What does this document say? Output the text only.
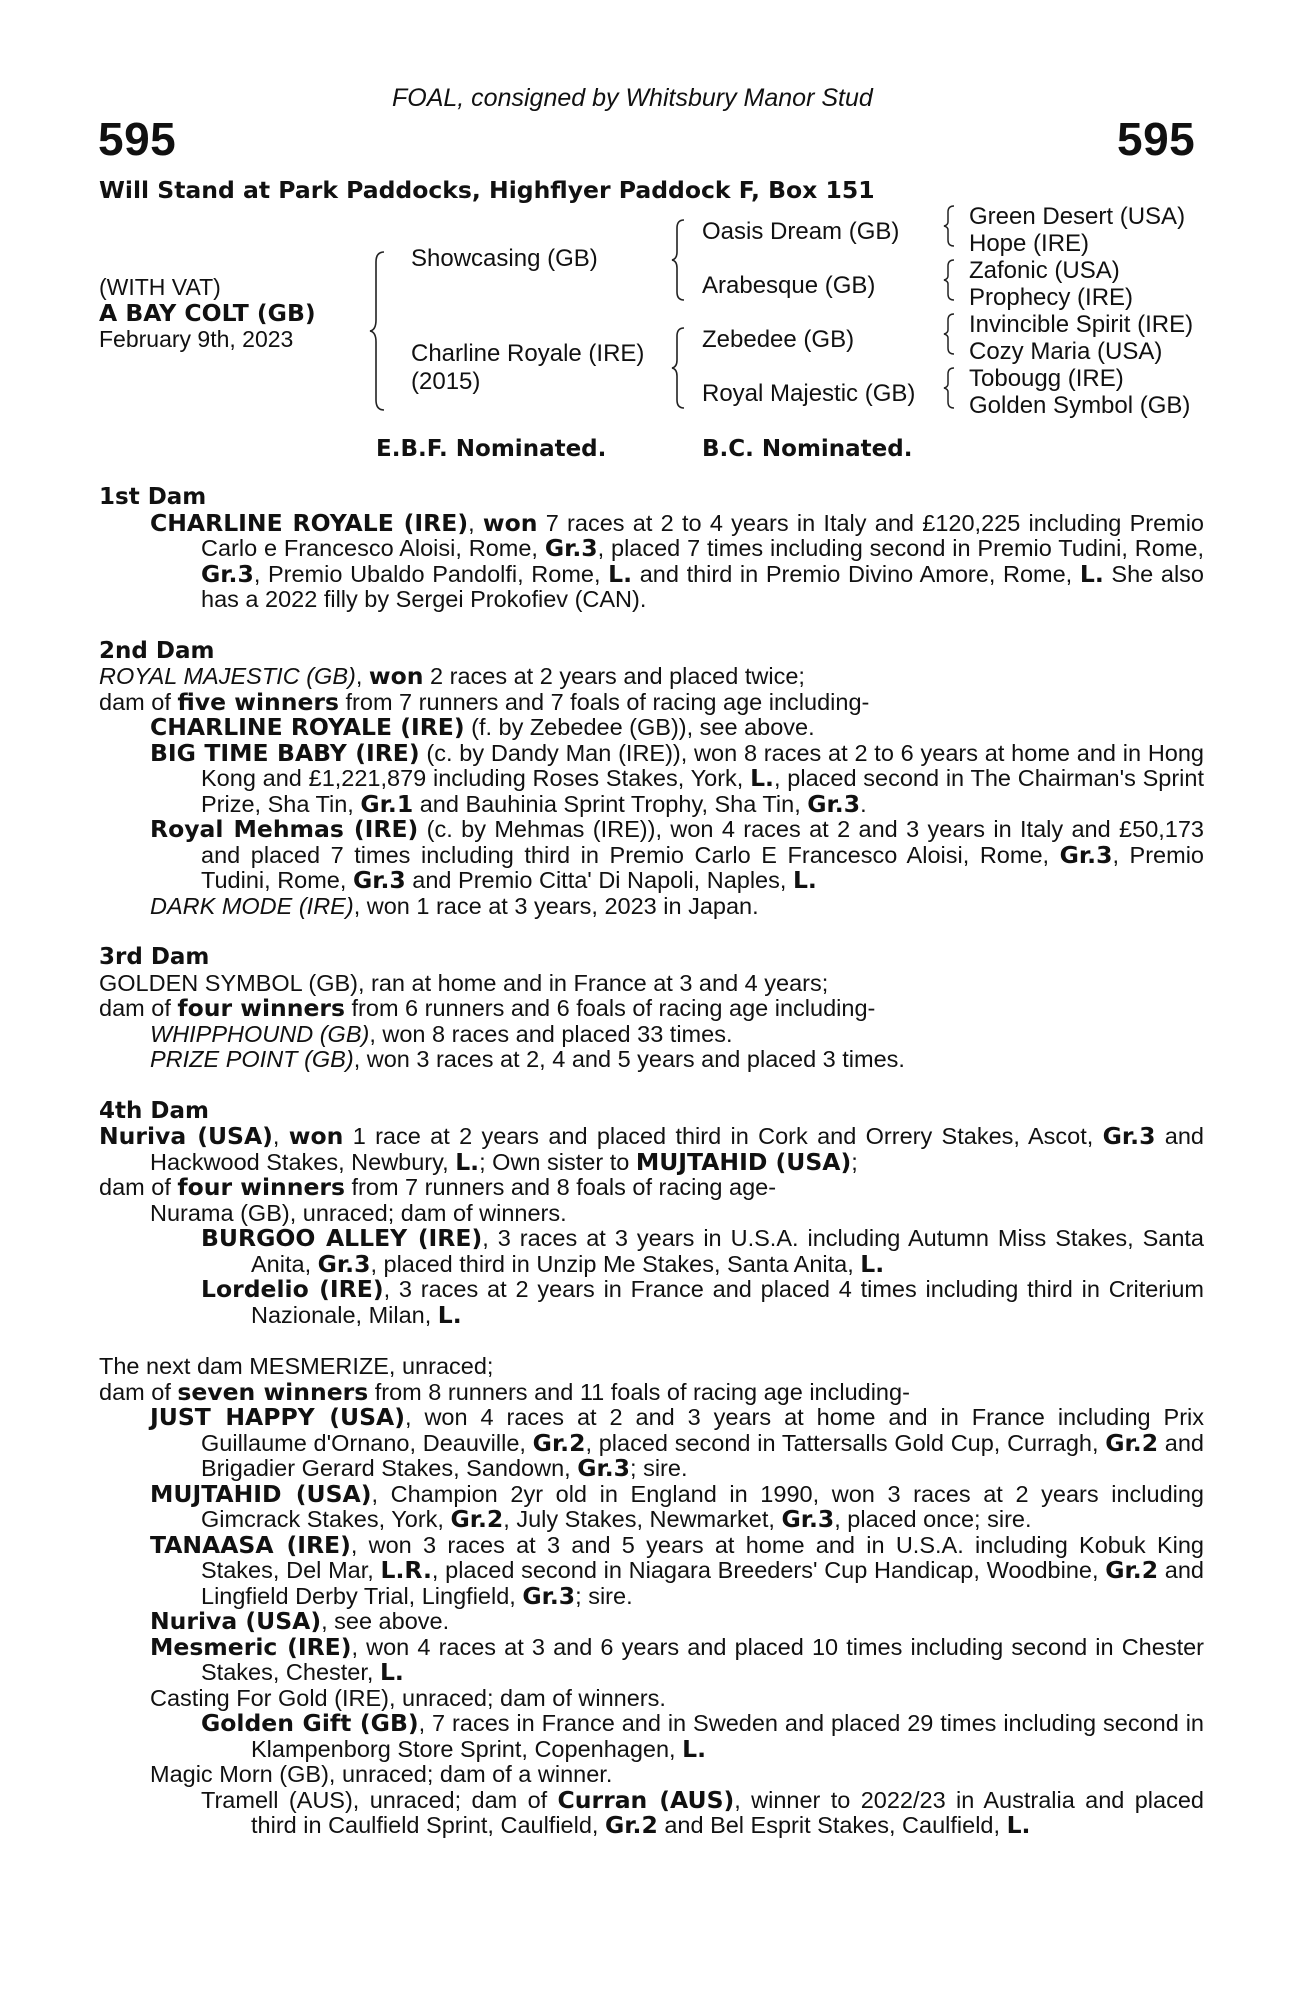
FOAL, consigned by Whitsbury Manor Stud
595	595
Will Stand at Park Paddocks, Highflyer Paddock F, Box 151
(WITH VAT)
A BAY COLT (GB)
February 9th, 2023
Showcasing (GB)
Charline Royale (IRE)
(2015)
Oasis Dream (GB)
Arabesque (GB)
Zebedee (GB)
Royal Majestic (GB)
Green Desert (USA)
Hope (IRE)
Zafonic (USA)
Prophecy (IRE)
Invincible Spirit (IRE)
Cozy Maria (USA)
Tobougg (IRE)
Golden Symbol (GB)
E.B.F. Nominated.	B.C. Nominated.
1st Dam
CHARLINE ROYALE (IRE), won 7 races at 2 to 4 years in Italy and £120,225 including Premio Carlo e Francesco Aloisi, Rome, Gr.3, placed 7 times including second in Premio Tudini, Rome, Gr.3, Premio Ubaldo Pandolfi, Rome, L. and third in Premio Divino Amore, Rome, L. She also has a 2022 filly by Sergei Prokofiev (CAN).
2nd Dam
ROYAL MAJESTIC (GB), won 2 races at 2 years and placed twice;
dam of five winners from 7 runners and 7 foals of racing age including-
CHARLINE ROYALE (IRE) (f. by Zebedee (GB)), see above.
BIG TIME BABY (IRE) (c. by Dandy Man (IRE)), won 8 races at 2 to 6 years at home and in Hong Kong and £1,221,879 including Roses Stakes, York, L., placed second in The Chairman's Sprint Prize, Sha Tin, Gr.1 and Bauhinia Sprint Trophy, Sha Tin, Gr.3.
Royal Mehmas (IRE) (c. by Mehmas (IRE)), won 4 races at 2 and 3 years in Italy and £50,173 and placed 7 times including third in Premio Carlo E Francesco Aloisi, Rome, Gr.3, Premio Tudini, Rome, Gr.3 and Premio Citta' Di Napoli, Naples, L.
DARK MODE (IRE), won 1 race at 3 years, 2023 in Japan.
3rd Dam
GOLDEN SYMBOL (GB), ran at home and in France at 3 and 4 years;
dam of four winners from 6 runners and 6 foals of racing age including-
WHIPPHOUND (GB), won 8 races and placed 33 times.
PRIZE POINT (GB), won 3 races at 2, 4 and 5 years and placed 3 times.
4th Dam
Nuriva (USA), won 1 race at 2 years and placed third in Cork and Orrery Stakes, Ascot, Gr.3 and Hackwood Stakes, Newbury, L.; Own sister to MUJTAHID (USA);
dam of four winners from 7 runners and 8 foals of racing age-
Nurama (GB), unraced; dam of winners.
BURGOO ALLEY (IRE), 3 races at 3 years in U.S.A. including Autumn Miss Stakes, Santa Anita, Gr.3, placed third in Unzip Me Stakes, Santa Anita, L.
Lordelio (IRE), 3 races at 2 years in France and placed 4 times including third in Criterium Nazionale, Milan, L.
The next dam MESMERIZE, unraced;
dam of seven winners from 8 runners and 11 foals of racing age including-
JUST HAPPY (USA), won 4 races at 2 and 3 years at home and in France including Prix Guillaume d'Ornano, Deauville, Gr.2, placed second in Tattersalls Gold Cup, Curragh, Gr.2 and Brigadier Gerard Stakes, Sandown, Gr.3; sire.
MUJTAHID (USA), Champion 2yr old in England in 1990, won 3 races at 2 years including Gimcrack Stakes, York, Gr.2, July Stakes, Newmarket, Gr.3, placed once; sire.
TANAASA (IRE), won 3 races at 3 and 5 years at home and in U.S.A. including Kobuk King Stakes, Del Mar, L.R., placed second in Niagara Breeders' Cup Handicap, Woodbine, Gr.2 and Lingfield Derby Trial, Lingfield, Gr.3; sire.
Nuriva (USA), see above.
Mesmeric (IRE), won 4 races at 3 and 6 years and placed 10 times including second in Chester Stakes, Chester, L.
Casting For Gold (IRE), unraced; dam of winners.
Golden Gift (GB), 7 races in France and in Sweden and placed 29 times including second in Klampenborg Store Sprint, Copenhagen, L.
Magic Morn (GB), unraced; dam of a winner.
Tramell (AUS), unraced; dam of Curran (AUS), winner to 2022/23 in Australia and placed third in Caulfield Sprint, Caulfield, Gr.2 and Bel Esprit Stakes, Caulfield, L.
